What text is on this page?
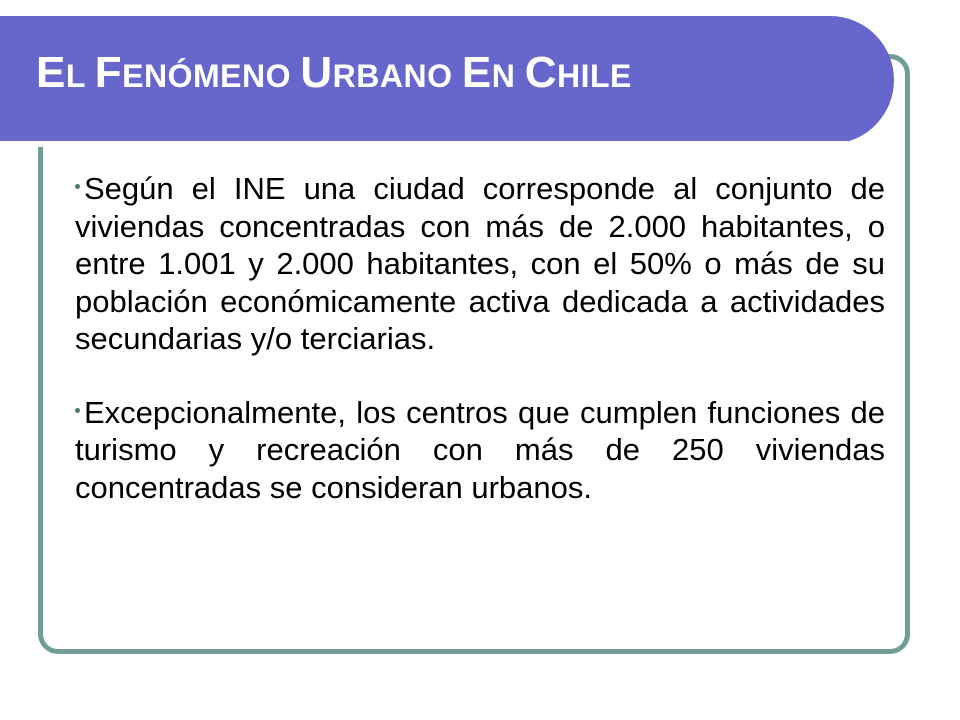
EL FENÓMENO URBANO EN CHILE

Según el INE una ciudad corresponde al conjunto de viviendas concentradas con más de 2.000 habitantes, o entre 1.001 y 2.000 habitantes, con el 50% o más de su población económicamente activa dedicada a actividades secundarias y/o terciarias.

Excepcionalmente, los centros que cumplen funciones de turismo y recreación con más de 250 viviendas concentradas se consideran urbanos.
